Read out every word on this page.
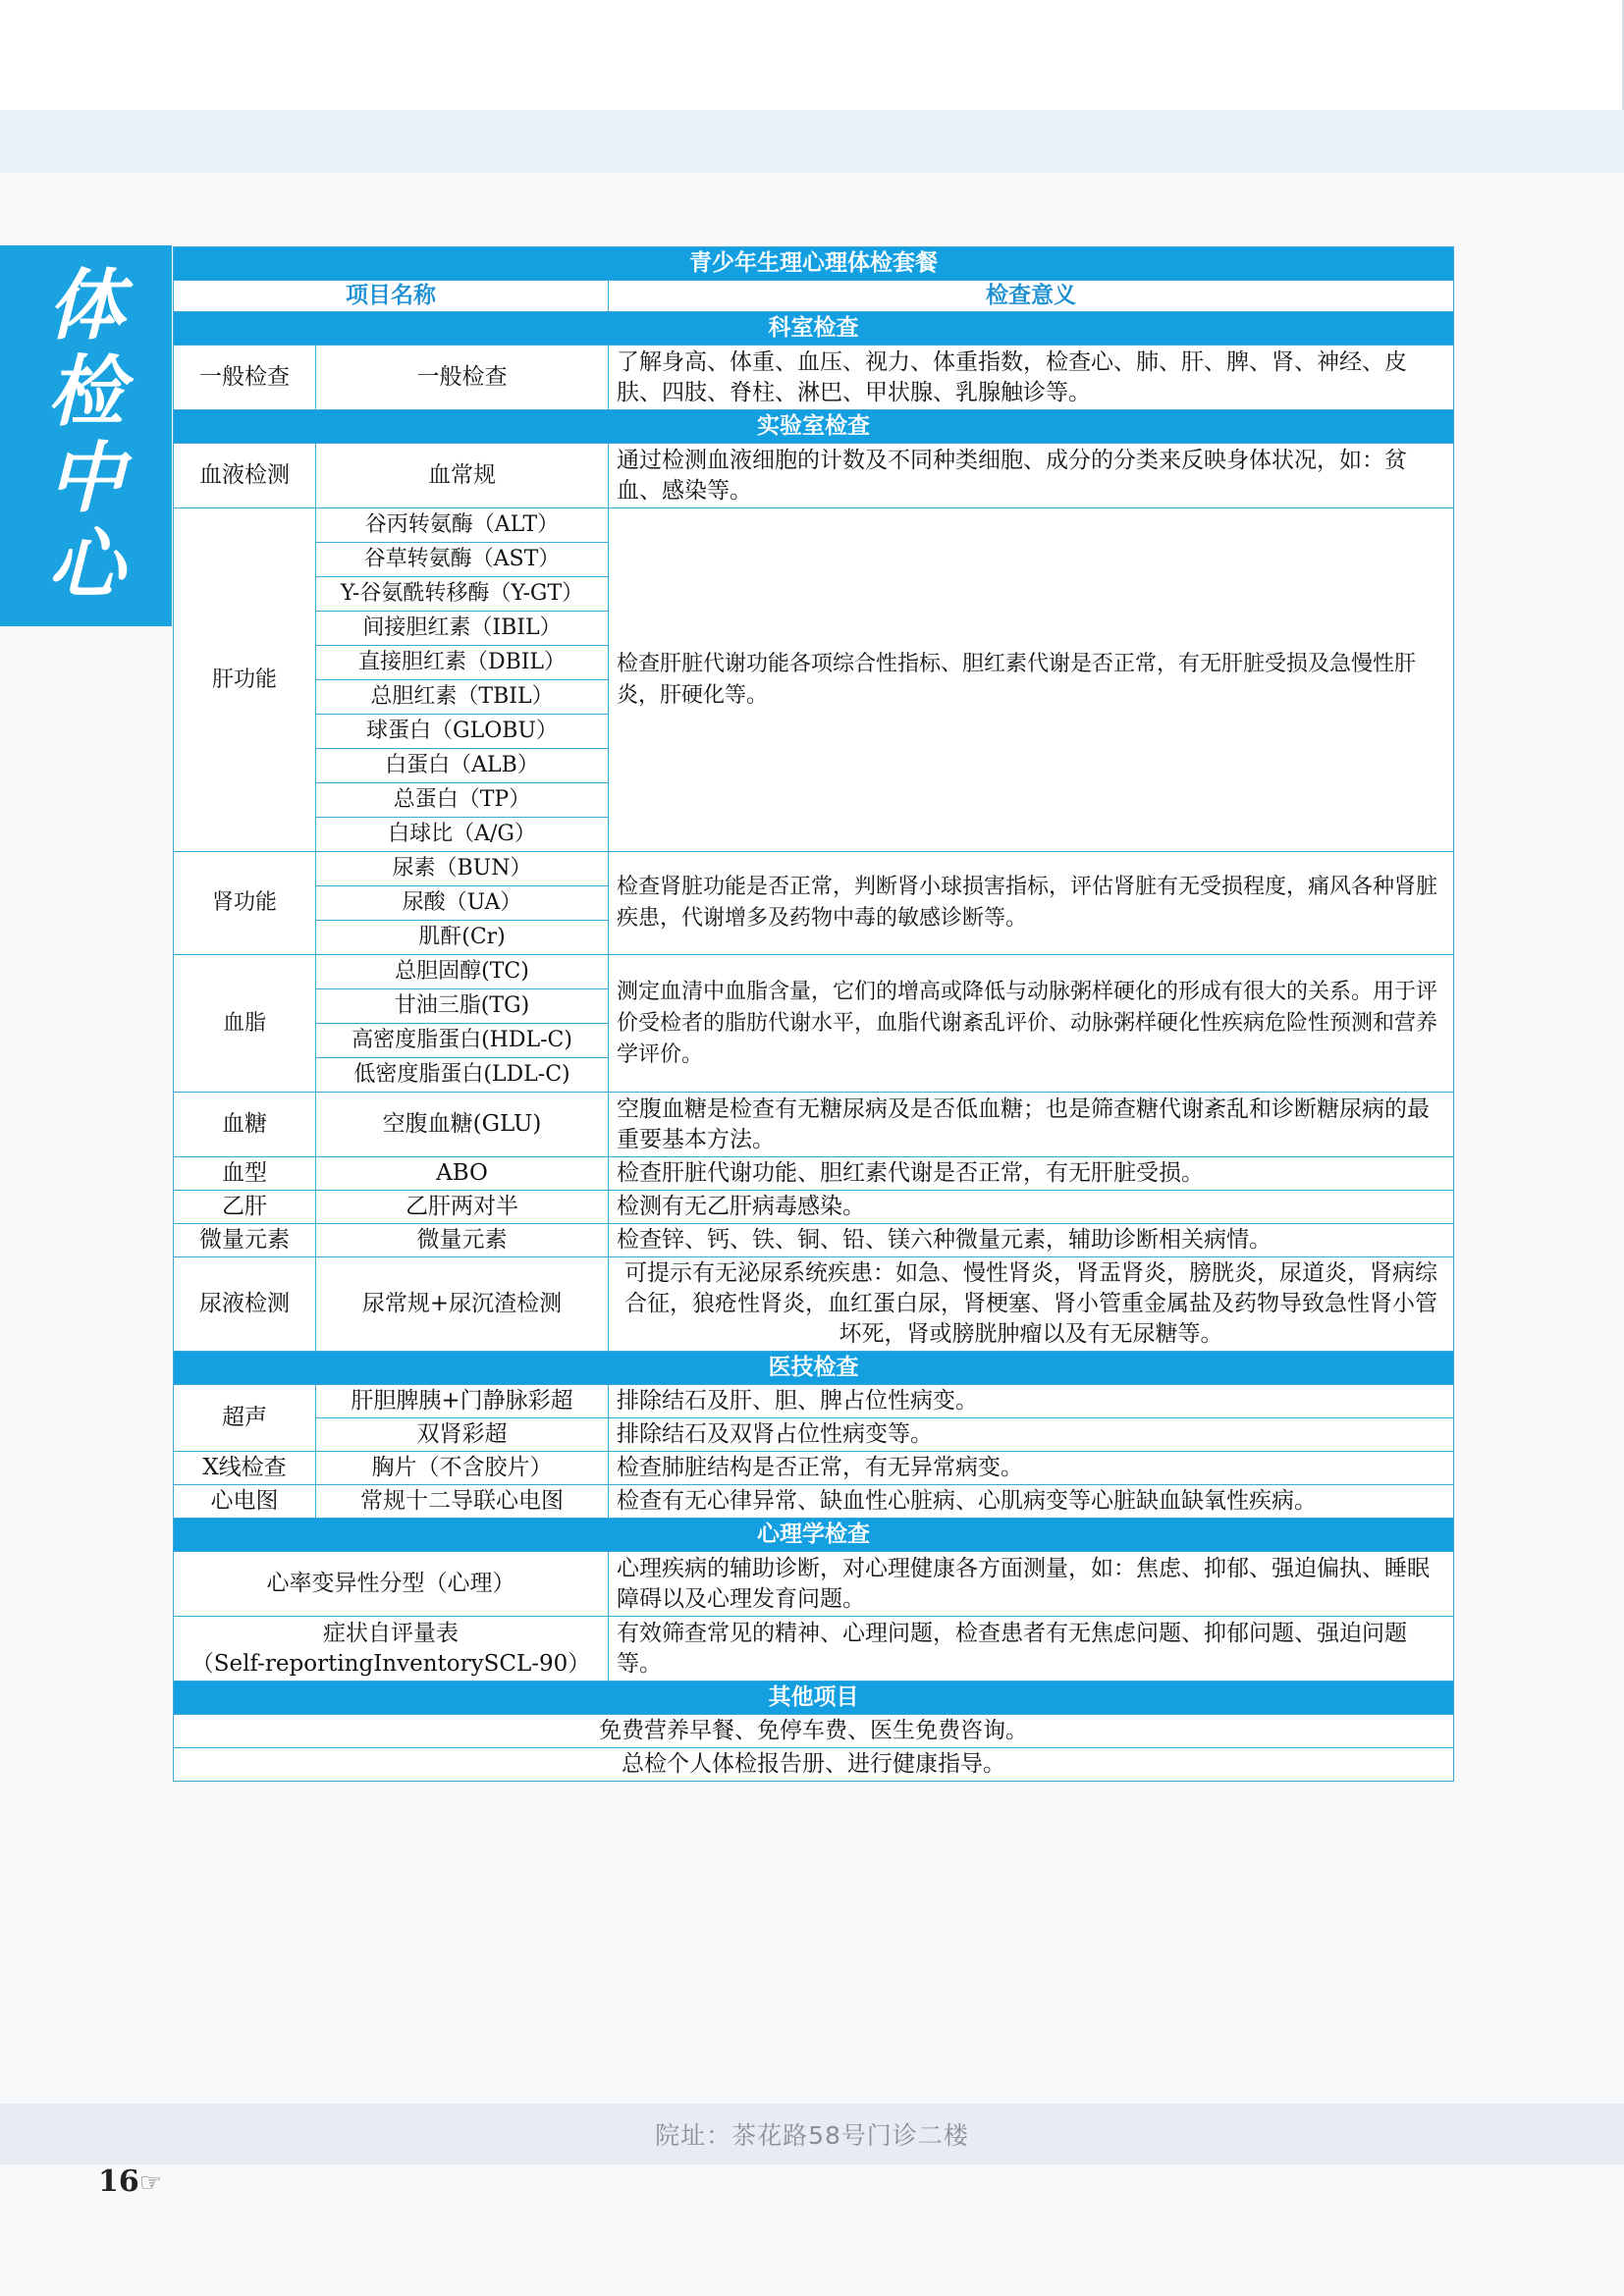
体
检
中
心
青少年生理心理体检套餐		
项目名称		检查意义
科室检查		
一般检查	一般检查	了解身高、体重、血压、视力、体重指数，检查心、肺、肝、脾、肾、神经、皮肤、四肢、脊柱、淋巴、甲状腺、乳腺触诊等。
实验室检查		
血液检测	血常规	通过检测血液细胞的计数及不同种类细胞、成分的分类来反映身体状况，如：贫血、感染等。
肝功能	谷丙转氨酶（ALT）	检查肝脏代谢功能各项综合性指标、胆红素代谢是否正常，有无肝脏受损及急慢性肝炎，肝硬化等。
	谷草转氨酶（AST）	
	Y-谷氨酰转移酶（Y-GT）	
	间接胆红素（IBIL）	
	直接胆红素（DBIL）	
	总胆红素（TBIL）	
	球蛋白（GLOBU）	
	白蛋白（ALB）	
	总蛋白（TP）	
	白球比（A/G）	
肾功能	尿素（BUN）	检查肾脏功能是否正常，判断肾小球损害指标，评估肾脏有无受损程度，痛风各种肾脏疾患，代谢增多及药物中毒的敏感诊断等。
	尿酸（UA）	
	肌酐(Cr)	
血脂	总胆固醇(TC)	测定血清中血脂含量，它们的增高或降低与动脉粥样硬化的形成有很大的关系。用于评价受检者的脂肪代谢水平，血脂代谢紊乱评价、动脉粥样硬化性疾病危险性预测和营养学评价。
	甘油三脂(TG)	
	高密度脂蛋白(HDL-C)	
	低密度脂蛋白(LDL-C)	
血糖	空腹血糖(GLU)	空腹血糖是检查有无糖尿病及是否低血糖；也是筛查糖代谢紊乱和诊断糖尿病的最重要基本方法。
血型	ABO	检查肝脏代谢功能、胆红素代谢是否正常，有无肝脏受损。
乙肝	乙肝两对半	检测有无乙肝病毒感染。
微量元素	微量元素	检查锌、钙、铁、铜、铅、镁六种微量元素，辅助诊断相关病情。
尿液检测	尿常规+尿沉渣检测	可提示有无泌尿系统疾患：如急、慢性肾炎，肾盂肾炎，膀胱炎，尿道炎，肾病综合征，狼疮性肾炎，血红蛋白尿，肾梗塞、肾小管重金属盐及药物导致急性肾小管坏死，肾或膀胱肿瘤以及有无尿糖等。
医技检查		
超声	肝胆脾胰+门静脉彩超	排除结石及肝、胆、脾占位性病变。
	双肾彩超	排除结石及双肾占位性病变等。
X线检查	胸片（不含胶片）	检查肺脏结构是否正常，有无异常病变。
心电图	常规十二导联心电图	检查有无心律异常、缺血性心脏病、心肌病变等心脏缺血缺氧性疾病。
心理学检查		
心率变异性分型（心理）		心理疾病的辅助诊断，对心理健康各方面测量，如：焦虑、抑郁、强迫偏执、睡眠障碍以及心理发育问题。

症状自评量表
（Self-reportingInventorySCL-90）		有效筛查常见的精神、心理问题，检查患者有无焦虑问题、抑郁问题、强迫问题等。
其他项目		
免费营养早餐、免停车费、医生免费咨询。		
总检个人体检报告册、进行健康指导。		
院址：茶花路58号门诊二楼
16☞
